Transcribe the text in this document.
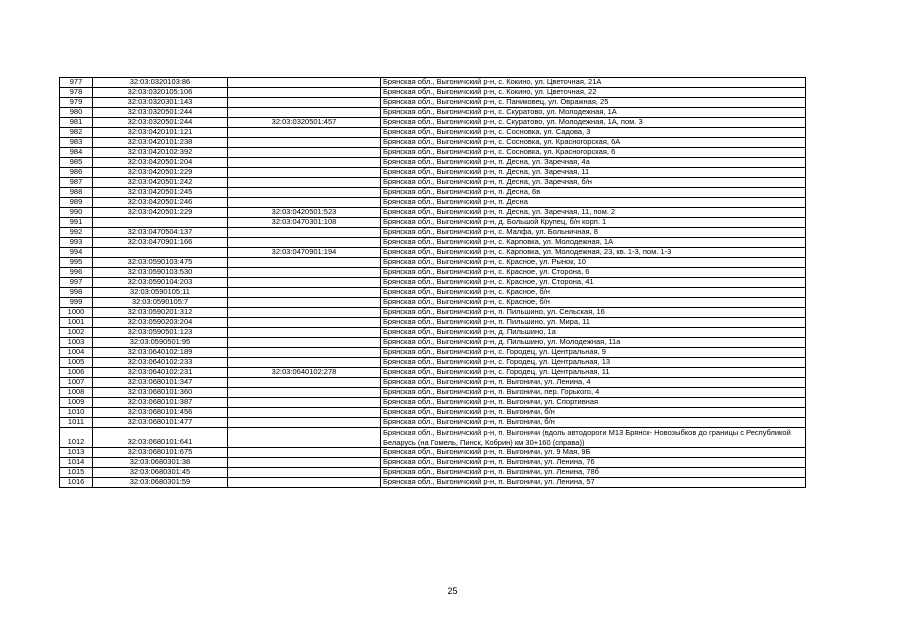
977	32:03:0320103:86		Брянская обл., Выгоничский р-н, с. Кокино, ул. Цветочная, 21А
978	32:03:0320105:106		Брянская обл., Выгоничский р-н, с. Кокино, ул. Цветочная, 22
979	32:03:0320301:143		Брянская обл., Выгоничский р-н, с. Паниковец, ул. Овражная, 25
980	32:03:0320501:244		Брянская обл., Выгоничский р-н, с. Скуратово, ул. Молодежная, 1А
981	32:03:0320501:244	32:03:0320501:457	Брянская обл., Выгоничский р-н, с. Скуратово, ул. Молодежная, 1А, пом. 3
982	32:03:0420101:121		Брянская обл., Выгоничский р-н, с. Сосновка, ул. Садова, 3
983	32:03:0420101:238		Брянская обл., Выгоничский р-н, с. Сосновка, ул. Красногорская, 6А
984	32:03:0420102:392		Брянская обл., Выгоничский р-н, с. Сосновка, ул. Красногорская, 6
985	32:03:0420501:204		Брянская обл., Выгоничский р-н, п. Десна, ул. Заречная, 4а
986	32:03:0420501:229		Брянская обл., Выгоничский р-н, п. Десна, ул. Заречная, 11
987	32:03:0420501:242		Брянская обл., Выгоничский р-н, п. Десна, ул. Заречная, б/н
988	32:03:0420501:245		Брянская обл., Выгоничский р-н, п. Десна, 6в
989	32:03:0420501:246		Брянская обл., Выгоничский р-н, п. Десна
990	32:03:0420501:229	32:03:0420501:523	Брянская обл., Выгоничский р-н, п. Десна, ул. Заречная, 11, пом. 2
991		32:03:0470301:108	Брянская обл., Выгоничский р-н, д. Большой Крупец, б/н корп. 1
992	32:03:0470504:137		Брянская обл., Выгоничский р-н, с. Малфа, ул. Больничная, 8
993	32:03:0470901:166		Брянская обл., Выгоничский р-н, с. Карповка, ул. Молодежная, 1А
994		32:03:0470901:194	Брянская обл., Выгоничский р-н, с. Карповка, ул. Молодежная, 23, кв. 1-3, пом. 1-3
995	32:03:0590103:475		Брянская обл., Выгоничский р-н, с. Красное, ул. Рынок, 10
996	32:03:0590103:530		Брянская обл., Выгоничский р-н, с. Красное, ул. Сторона, 6
997	32:03:0590104:203		Брянская обл., Выгоничский р-н, с. Красное, ул. Сторона, 41
998	32:03:0590105:11		Брянская обл., Выгоничский р-н, с. Красное, б/н
999	32:03:0590105:7		Брянская обл., Выгоничский р-н, с. Красное, б/н
1000	32:03:0590201:312		Брянская обл., Выгоничский р-н, п. Пильшино, ул. Сельская, 16
1001	32:03:0590203:204		Брянская обл., Выгоничский р-н, п. Пильшино, ул. Мира, 11
1002	32:03:0590501:123		Брянская обл., Выгоничский р-н, д. Пильшино, 1а
1003	32:03:0590501:95		Брянская обл., Выгоничский р-н, д. Пильшино, ул. Молодежная, 11а
1004	32:03:0640102:189		Брянская обл., Выгоничский р-н, с. Городец, ул. Центральная, 9
1005	32:03:0640102:233		Брянская обл., Выгоничский р-н, с. Городец, ул. Центральная, 13
1006	32:03:0640102:231	32:03:0640102:278	Брянская обл., Выгоничский р-н, с. Городец, ул. Центральная, 11
1007	32:03:0680101:347		Брянская обл., Выгоничский р-н, п. Выгоничи, ул. Ленина, 4
1008	32:03:0680101:360		Брянская обл., Выгоничский р-н, п. Выгоничи, пер. Горького, 4
1009	32:03:0680101:387		Брянская обл., Выгоничский р-н, п. Выгоничи, ул. Спортивная
1010	32:03:0680101:456		Брянская обл., Выгоничский р-н, п. Выгоничи, б/н
1011	32:03:0680101:477		Брянская обл., Выгоничский р-н, п. Выгоничи, б/н
1012	32:03:0680101:641		Брянская обл., Выгоничский р-н, п. Выгоничи (вдоль автодороги М13 Брянск- Новозыбков до границы с Республикой Беларусь (на Гомель, Пинск, Кобрин) км 30+160 (справа))
1013	32:03:0680101:675		Брянская обл., Выгоничский р-н, п. Выгоничи, ул. 9 Мая, 9Б
1014	32:03:0680301:38		Брянская обл., Выгоничский р-н, п. Выгоничи, ул. Ленина, 76
1015	32:03:0680301:45		Брянская обл., Выгоничский р-н, п. Выгоничи, ул. Ленина, 78б
1016	32:03:0680301:59		Брянская обл., Выгоничский р-н, п. Выгоничи, ул. Ленина, 57
25
